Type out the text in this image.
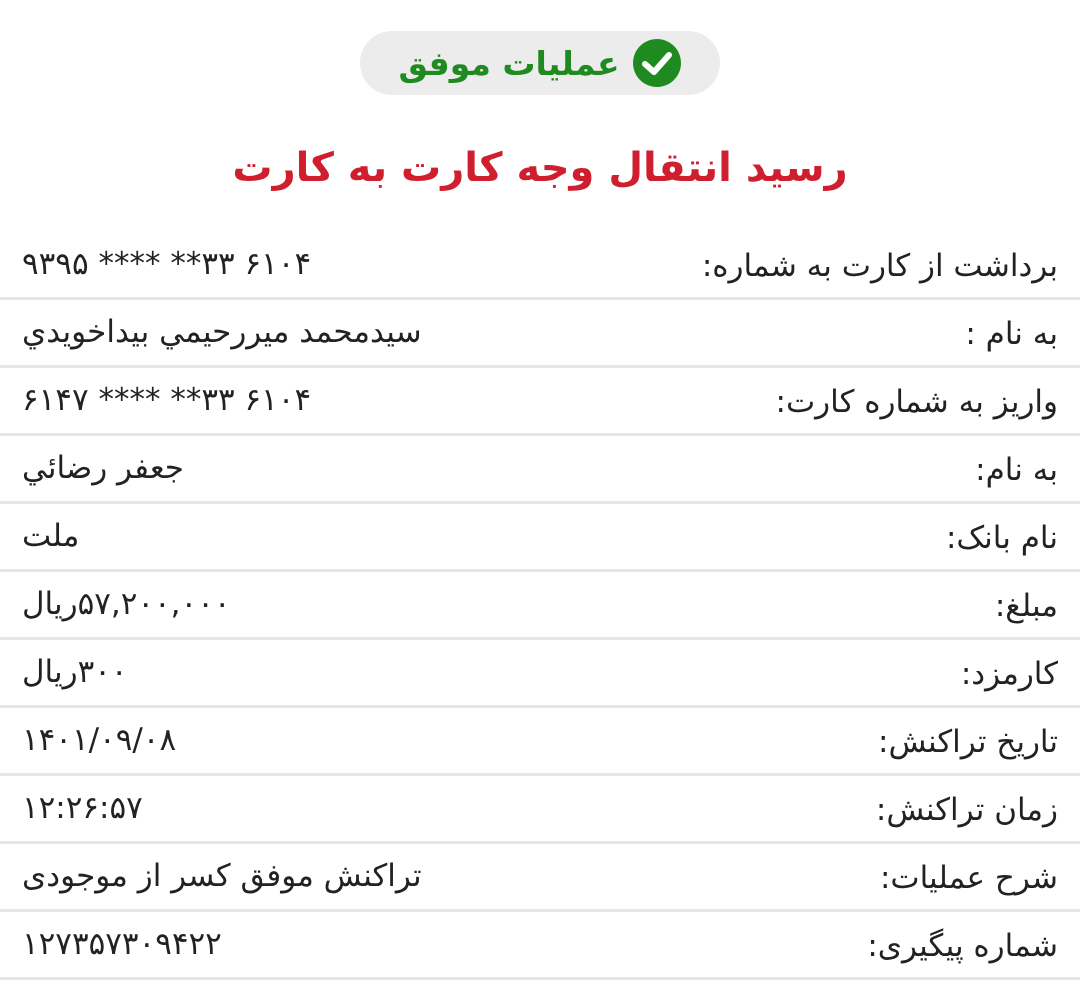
عملیات موفق
رسید انتقال وجه کارت به کارت
برداشت از کارت به شماره:
۶۱۰۴ ۳۳** **** ۹۳۹۵
به نام :
سيدمحمد ميررحيمي بيداخويدي
واریز به شماره کارت:
۶۱۰۴ ۳۳** **** ۶۱۴۷
به نام:
جعفر رضائي
نام بانک:
ملت
مبلغ:
۵۷,۲۰۰,۰۰۰ریال
کارمزد:
۳۰۰ریال
تاریخ تراکنش:
۱۴۰۱/۰۹/۰۸
زمان تراکنش:
۱۲:۲۶:۵۷
شرح عملیات:
تراکنش موفق کسر از موجودی
شماره پیگیری:
۱۲۷۳۵۷۳۰۹۴۲۲
